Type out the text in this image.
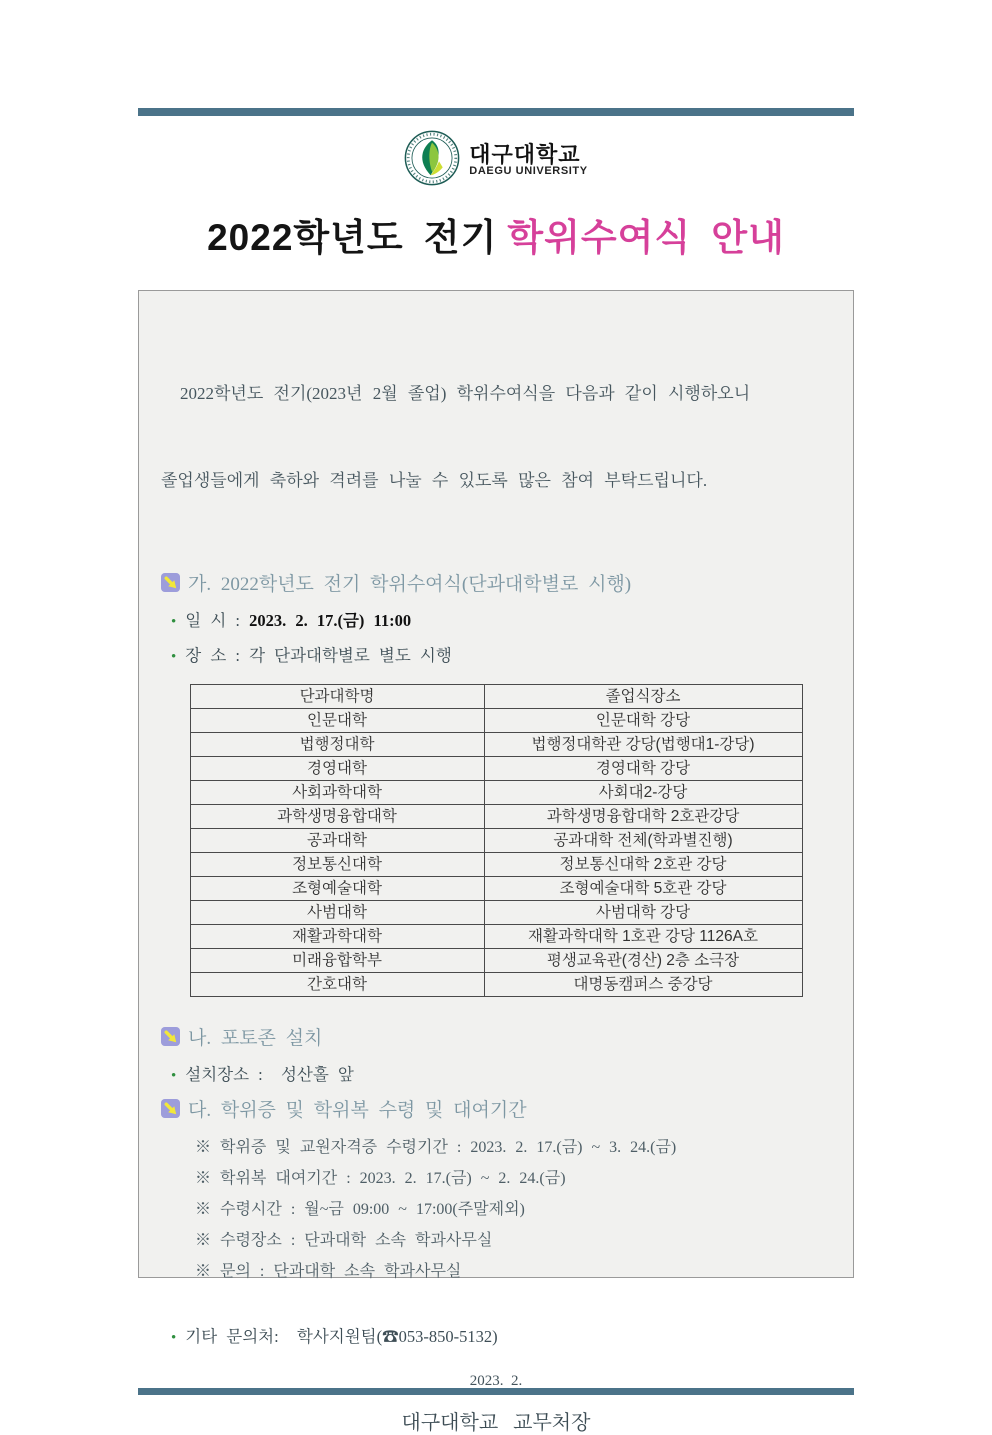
대구대학교
DAEGU UNIVERSITY
2022학년도 전기 학위수여식 안내

2022학년도 전기(2023년 2월 졸업) 학위수여식을 다음과 같이 시행하오니

졸업생들에게 축하와 격려를 나눌 수 있도록 많은 참여 부탁드립니다.

가. 2022학년도 전기 학위수여식(단과대학별로 시행)
• 일 시 : 2023. 2. 17.(금) 11:00
• 장 소 : 각 단과대학별로 별도 시행
단과대학명	졸업식장소
인문대학	인문대학 강당
법행정대학	법행정대학관 강당(법행대1-강당)
경영대학	경영대학 강당
사회과학대학	사회대2-강당
과학생명융합대학	과학생명융합대학 2호관강당
공과대학	공과대학 전체(학과별진행)
정보통신대학	정보통신대학 2호관 강당
조형예술대학	조형예술대학 5호관 강당
사범대학	사범대학 강당
재활과학대학	재활과학대학 1호관 강당 1126A호
미래융합학부	평생교육관(경산) 2층 소극장
간호대학	대명동캠퍼스 중강당
나. 포토존 설치
• 설치장소 :  성산홀 앞
다. 학위증 및 학위복 수령 및 대여기간
※ 학위증 및 교원자격증 수령기간 : 2023. 2. 17.(금) ~ 3. 24.(금)
※ 학위복 대여기간 : 2023. 2. 17.(금) ~ 2. 24.(금)
※ 수령시간 : 월~금 09:00 ~ 17:00(주말제외)
※ 수령장소 : 단과대학 소속 학과사무실
※ 문의 : 단과대학 소속 학과사무실
• 기타 문의처:  학사지원팀(☎053-850-5132)
2023.  2.
대구대학교 교무처장
